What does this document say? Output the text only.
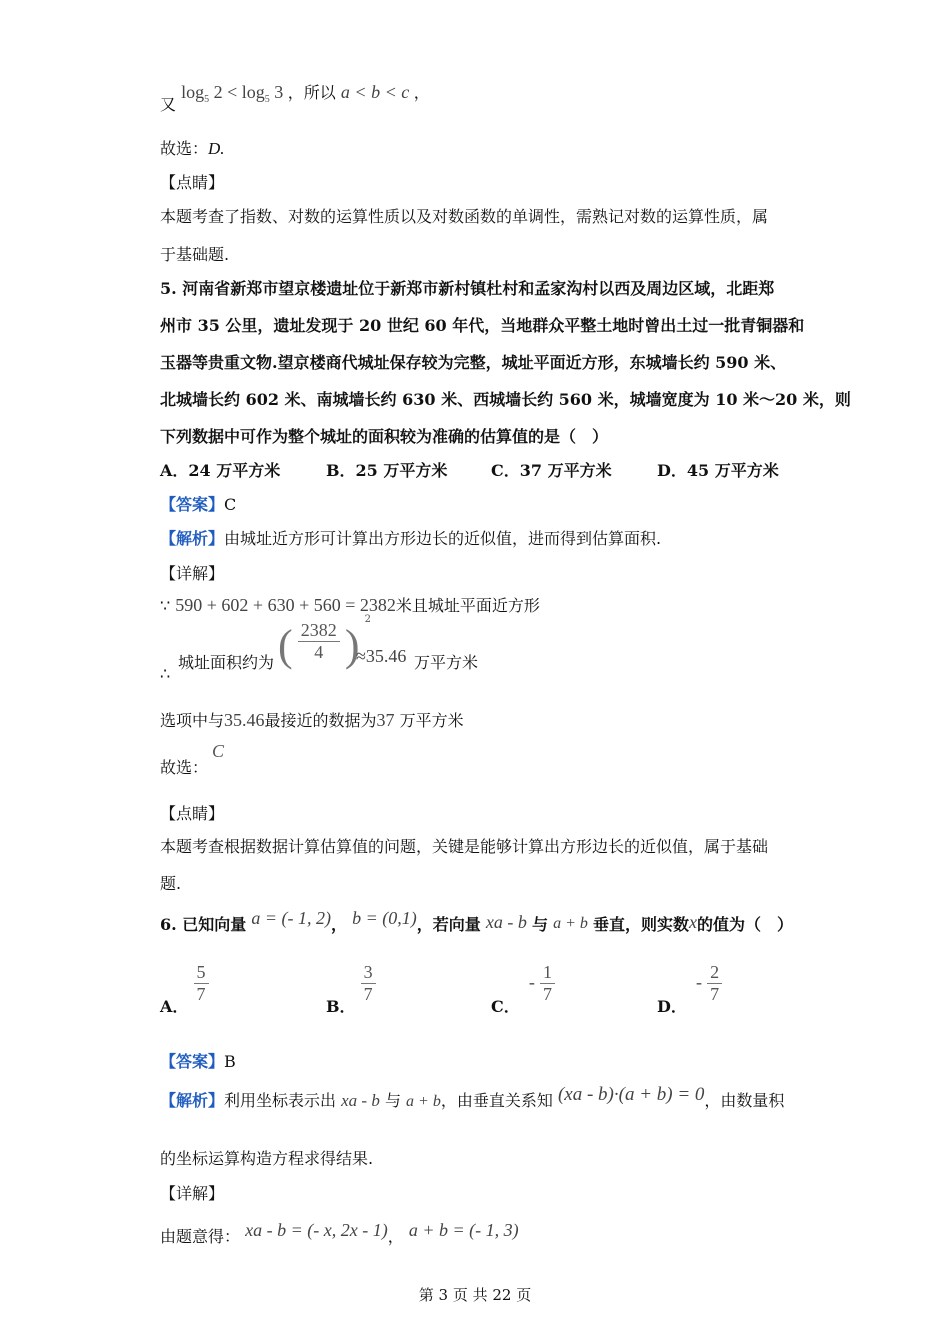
又 $\log_5 2 < \log_5 3$ ，所以 a < b < c ，
故选：D.
【点睛】
本题考查了指数、对数的运算性质以及对数函数的单调性，需熟记对数的运算性质，属
于基础题.
5. 河南省新郑市望京楼遗址位于新郑市新村镇杜村和孟家沟村以西及周边区域，北距郑
州市 35 公里，遗址发现于 20 世纪 60 年代，当地群众平整土地时曾出土过一批青铜器和
玉器等贵重文物.望京楼商代城址保存较为完整，城址平面近方形，东城墙长约 590 米、
北城墙长约 602 米、南城墙长约 630 米、西城墙长约 560 米，城墙宽度为 10 米～20 米，则
下列数据中可作为整个城址的面积较为准确的估算值的是（　）
A．24 万平方米	B．25 万平方米	C．37 万平方米	D．45 万平方米
【答案】C
【解析】由城址近方形可计算出方形边长的近似值，进而得到估算面积.
【详解】
∵ 590 + 602 + 630 + 560 = 2382米且城址平面近方形
∴
城址面积约为 ( $\frac{2382}{4}$ ) $^2$
≈35.46 万平方米
选项中与35.46最接近的数据为37 万平方米
故选：
C
【点睛】
本题考查根据数据计算估算值的问题，关键是能够计算出方形边长的近似值，属于基础
题.
6. 已知向量 a = (- 1, 2)， b = (0,1)，若向量 xa - b 与 a + b 垂直，则实数x的值为（　）
A．
$\frac{5}{7}$
B．
$\frac{3}{7}$
C． - $\frac{1}{7}$
D． - $\frac{2}{7}$
【答案】B
【解析】利用坐标表示出 xa - b 与 a + b，由垂直关系知 (xa - b)·(a + b) = 0，由数量积
的坐标运算构造方程求得结果.
【详解】
由题意得： xa - b = (- x, 2x - 1)， a + b = (- 1, 3)
第 3 页 共 22 页
